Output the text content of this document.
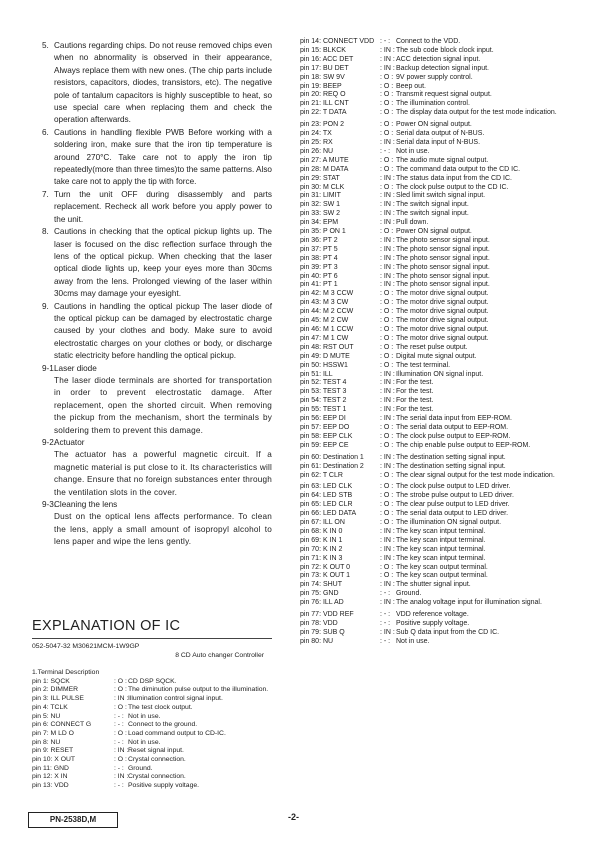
5. Cautions regarding chips. Do not reuse removed chips even when no abnormality is observed in their appearance, Always replace them with new ones. (The chip parts include resistors, capacitors, diodes, transistors, etc). The negative pole of tantalum capacitors is highly susceptible to heat, so use special care when replacing them and check the operation afterwards.
6. Cautions in handling flexible PWB Before working with a soldering iron, make sure that the iron tip temperature is around 270°C. Take care not to apply the iron tip repeatedly(more than three times)to the same patterns. Also take care not to apply the tip with force.
7. Turn the unit OFF during disassembly and parts replacement. Recheck all work before you apply power to the unit.
8. Cautions in checking that the optical pickup lights up. The laser is focused on the disc reflection surface through the lens of the optical pickup. When checking that the laser optical diode lights up, keep your eyes more than 30cms away from the lens. Prolonged viewing of the laser within 30cms may damage your eyesight.
9. Cautions in handling the optical pickup The laser diode of the optical pickup can be damaged by electrostatic charge caused by your clothes and body. Make sure to avoid electrostatic charges on your clothes or body, or discharge static electricity before handling the optical pickup.
9-1.
Laser diode
The laser diode terminals are shorted for transportation in order to prevent electrostatic damage. After replacement, open the shorted circuit. When removing the pickup from the mechanism, short the terminals by soldering them to prevent this damage.
9-2.
Actuator
The actuator has a powerful magnetic circuit. If a magnetic material is put close to it. Its characteristics will change. Ensure that no foreign substances enter through the ventilation slots in the cover.
9-3.
Cleaning the lens
Dust on the optical lens affects performance. To clean the lens, apply a small amount of isopropyl alcohol to lens paper and wipe the lens gently.
EXPLANATION OF IC
052-5047-32 M30621MCM-1W9GP
8 CD Auto changer Controller
1.Terminal Description
pin 1: SQCK	: O : CD DSP SQCK.
pin 2: DIMMER	: O : The diminution pulse output to the illumination.
pin 3: ILL PULSE	: IN : Illumination control signal input.
pin 4: TCLK	: O : The test clock output.
pin 5: NU	: - : Not in use.
pin 6: CONNECT G	: - : Connect to the ground.
pin 7: M LD O	: O : Load command output to CD-IC.
pin 8: NU	: - : Not in use.
pin 9: RESET	: IN : Reset signal input.
pin 10: X OUT	: O : Crystal connection.
pin 11: GND	: - : Ground.
pin 12: X IN	: IN : Crystal connection.
pin 13: VDD	: - : Positive supply voltage.
pin 14: CONNECT VDD : - : Connect to the VDD.
pin 15: BLKCK	: IN : The sub code block clock input.
pin 16: ACC DET	: IN : ACC detection signal input.
pin 17: BU DET	: IN : Backup detection signal input.
pin 18: SW 9V	: O : 9V power supply control.
pin 19: BEEP	: O : Beep out.
pin 20: REQ O	: O : Transmit request signal output.
pin 21: ILL CNT	: O : The illumination control.
pin 22: T DATA	: O : The display data output for the test mode indication.
pin 23: PON 2	: O : Power ON signal output.
pin 24: TX	: O : Serial data output of N-BUS.
pin 25: RX	: IN : Serial data input of N-BUS.
pin 26: NU	: - : Not in use.
pin 27: A MUTE	: O : The audio mute signal output.
pin 28: M DATA	: O : The command data output to the CD IC.
pin 29: STAT	: IN : The status data input from the CD IC.
pin 30: M CLK	: O : The clock pulse output to the CD IC.
pin 31: LIMIT	: IN : Sled limit switch signal input.
pin 32: SW 1	: IN : The switch signal input.
pin 33: SW 2	: IN : The switch signal input.
pin 34: EPM	: IN : Pull down.
pin 35: P ON 1	: O : Power ON signal output.
pin 36: PT 2	: IN : The photo sensor signal input.
pin 37: PT 5	: IN : The photo sensor signal input.
pin 38: PT 4	: IN : The photo sensor signal input.
pin 39: PT 3	: IN : The photo sensor signal input.
pin 40: PT 6	: IN : The photo sensor signal input.
pin 41: PT 1	: IN : The photo sensor signal input.
pin 42: M 3 CCW	: O : The motor drive signal output.
pin 43: M 3 CW	: O : The motor drive signal output.
pin 44: M 2 CCW	: O : The motor drive signal output.
pin 45: M 2 CW	: O : The motor drive signal output.
pin 46: M 1 CCW	: O : The motor drive signal output.
pin 47: M 1 CW	: O : The motor drive signal output.
pin 48: RST OUT	: O : The reset pulse output.
pin 49: D MUTE	: O : Digital mute signal output.
pin 50: HSSW1	: O : The test terminal.
pin 51: ILL	: IN : Illumination ON signal input.
pin 52: TEST 4	: IN : For the test.
pin 53: TEST 3	: IN : For the test.
pin 54: TEST 2	: IN : For the test.
pin 55: TEST 1	: IN : For the test.
pin 56: EEP DI	: IN : The serial data input from EEP-ROM.
pin 57: EEP DO	: O : The serial data output to EEP-ROM.
pin 58: EEP CLK	: O : The clock pulse output to EEP-ROM.
pin 59: EEP CE	: O : The chip enable pulse output to EEP-ROM.
pin 60: Destination 1	: IN : The destination setting signal input.
pin 61: Destination 2	: IN : The destination setting signal input.
pin 62: T CLR	: O : The clear signal output for the test mode indication.
pin 63: LED CLK	: O : The clock pulse output to LED driver.
pin 64: LED STB	: O : The strobe pulse output to LED driver.
pin 65: LED CLR	: O : The clear pulse output to LED driver.
pin 66: LED DATA	: O : The serial data output to LED driver.
pin 67: ILL ON	: O : The illumination ON signal output.
pin 68: K IN 0	: IN : The key scan intput terminal.
pin 69: K IN 1	: IN : The key scan intput terminal.
pin 70: K IN 2	: IN : The key scan intput terminal.
pin 71: K IN 3	: IN : The key scan intput terminal.
pin 72: K OUT 0	: O : The key scan output terminal.
pin 73: K OUT 1	: O : The key scan output terminal.
pin 74: SHUT	: IN : The shutter signal input.
pin 75: GND	: - : Ground.
pin 76: ILL AD	: IN : The analog voltage input for illumination signal.
pin 77: VDD REF	: - : VDD reference voltage.
pin 78: VDD	: - : Positive supply voltage.
pin 79: SUB Q	: IN : Sub Q data input from the CD IC.
pin 80: NU	: - : Not in use.
PN-2538D,M	-2-
